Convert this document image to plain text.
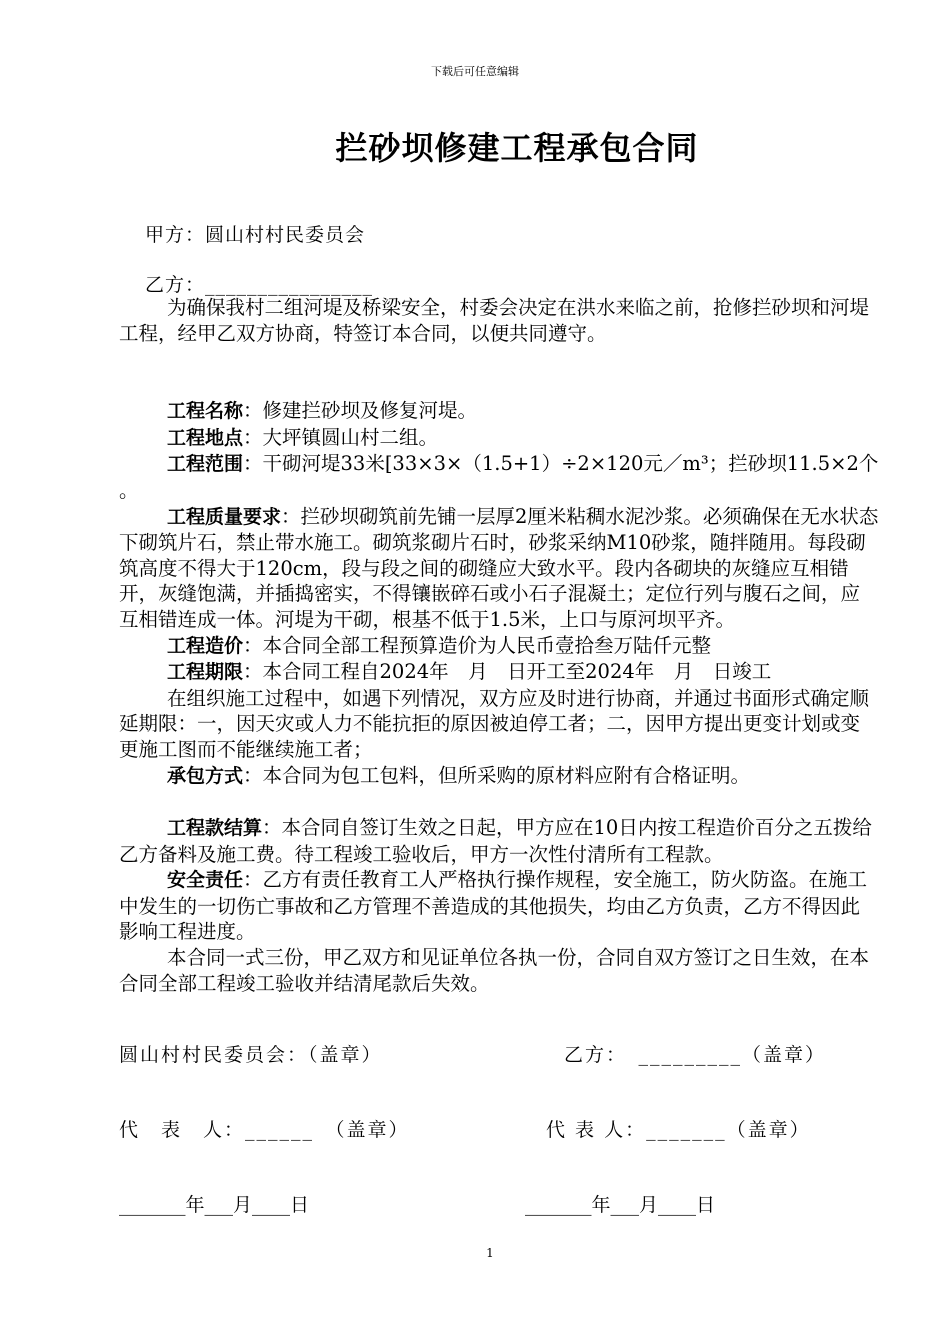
下载后可任意编辑
拦砂坝修建工程承包合同
甲方：圆山村村民委员会
乙方：________________

为确保我村二组河堤及桥梁安全，村委会决定在洪水来临之前，抢修拦砂坝和河堤工程，经甲乙双方协商，特签订本合同，以便共同遵守。

工程名称：修建拦砂坝及修复河堤。

工程地点：大坪镇圆山村二组。

工程范围：干砌河堤33米[33×3×（1.5+1）÷2×120元／m³；拦砂坝11.5×2个 。

工程质量要求：拦砂坝砌筑前先铺一层厚2厘米粘稠水泥沙浆。必须确保在无水状态下砌筑片石，禁止带水施工。砌筑浆砌片石时，砂浆采纳M10砂浆，随拌随用。每段砌筑高度不得大于120cm，段与段之间的砌缝应大致水平。段内各砌块的灰缝应互相错开，灰缝饱满，并插捣密实，不得镶嵌碎石或小石子混凝土；定位行列与腹石之间，应互相错连成一体。河堤为干砌，根基不低于1.5米，上口与原河坝平齐。

工程造价：本合同全部工程预算造价为人民币壹拾叁万陆仟元整

工程期限：本合同工程自2024年　月　日开工至2024年　月　日竣工

在组织施工过程中，如遇下列情况，双方应及时进行协商，并通过书面形式确定顺延期限：一，因天灾或人力不能抗拒的原因被迫停工者；二，因甲方提出更变计划或变更施工图而不能继续施工者；

承包方式：本合同为包工包料，但所采购的原材料应附有合格证明。

工程款结算：本合同自签订生效之日起，甲方应在10日内按工程造价百分之五拨给乙方备料及施工费。待工程竣工验收后，甲方一次性付清所有工程款。

安全责任：乙方有责任教育工人严格执行操作规程，安全施工，防火防盗。在施工中发生的一切伤亡事故和乙方管理不善造成的其他损失，均由乙方负责，乙方不得因此影响工程进度。

本合同一式三份，甲乙双方和见证单位各执一份，合同自双方签订之日生效，在本合同全部工程竣工验收并结清尾款后失效。

圆山村村民委员会：（盖章）	乙方：　_________（盖章）
代　表　人：______　（盖章）	代 表 人：_______（盖章）
_______年___月____日	_______年___月____日
1
